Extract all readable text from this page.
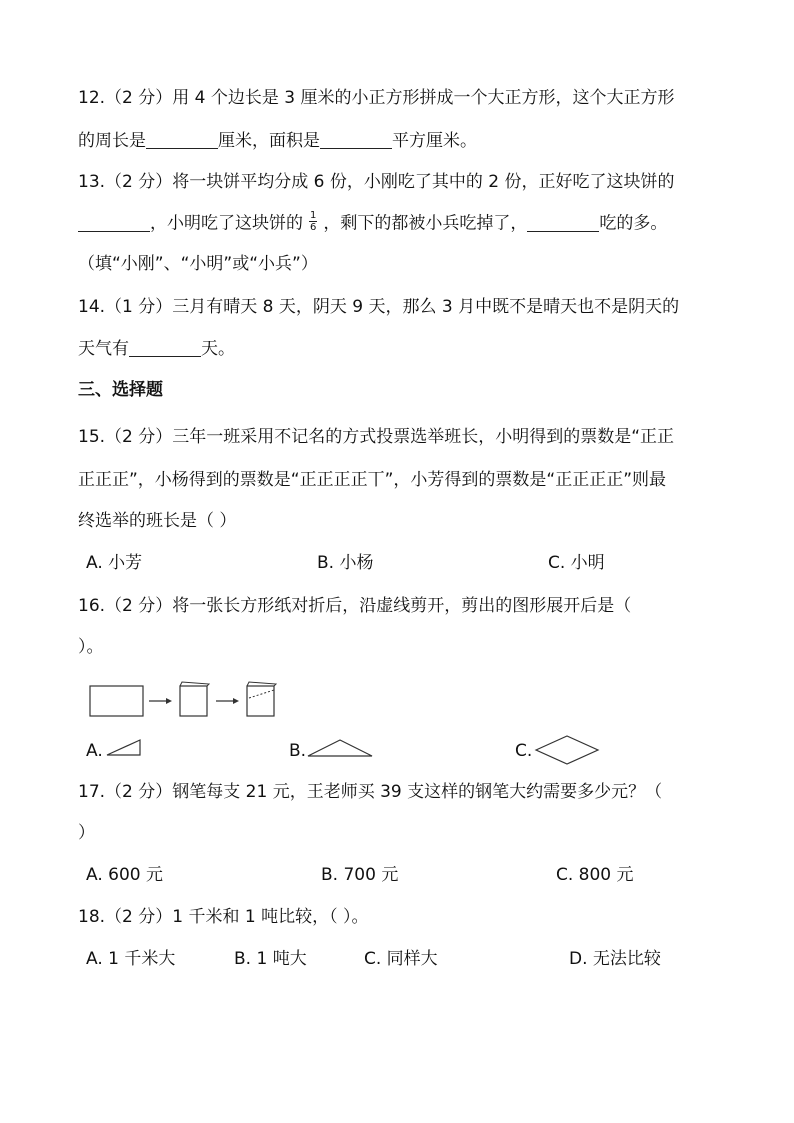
12.（2 分）用 4 个边长是 3 厘米的小正方形拼成一个大正方形，这个大正方形
的周长是	厘米，面积是	平方厘米。
13.（2 分）将一块饼平均分成 6 份，小刚吃了其中的 2 份，正好吃了这块饼的
，小明吃了这块饼的 $\frac{1}{6}$ ，剩下的都被小兵吃掉了，	吃的多。
（填“小刚”、“小明”或“小兵”）
14.（1 分）三月有晴天 8 天，阴天 9 天，那么 3 月中既不是晴天也不是阴天的
天气有	天。
三、选择题
15.（2 分）三年一班采用不记名的方式投票选举班长，小明得到的票数是“正正
正正正”，小杨得到的票数是“正正正正丅”，小芳得到的票数是“正正正正”则最
终选举的班长是（ ）
A. 小芳	B. 小杨	C. 小明
16.（2 分）将一张长方形纸对折后，沿虚线剪开，剪出的图形展开后是（
）。
A.	B.	C.
17.（2 分）钢笔每支 21 元，王老师买 39 支这样的钢笔大约需要多少元？（
）
A. 600 元	B. 700 元	C. 800 元
18.（2 分）1 千米和 1 吨比较，（ ）。
A. 1 千米大	B. 1 吨大	C. 同样大	D. 无法比较
